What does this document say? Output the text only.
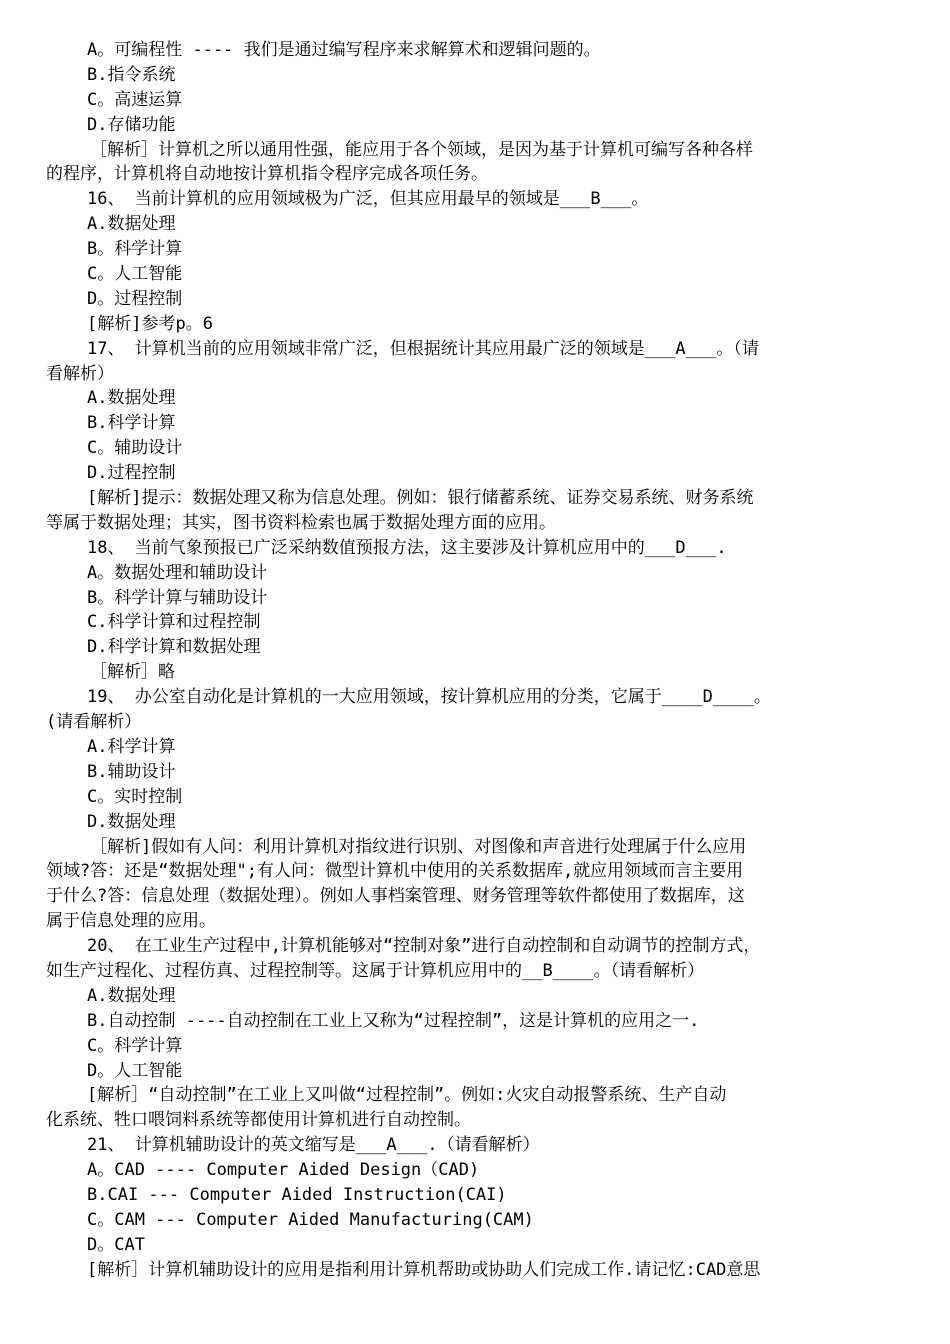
A。可编程性 ---- 我们是通过编写程序来求解算术和逻辑问题的。
B.指令系统
C。高速运算
D.存储功能
［解析］计算机之所以通用性强，能应用于各个领域，是因为基于计算机可编写各种各样
的程序，计算机将自动地按计算机指令程序完成各项任务。
16、 当前计算机的应用领域极为广泛，但其应用最早的领域是___B___。
A.数据处理
B。科学计算
C。人工智能
D。过程控制
[解析]参考p。6
17、 计算机当前的应用领域非常广泛，但根据统计其应用最广泛的领域是___A___。（请
看解析）
A.数据处理
B.科学计算
C。辅助设计
D.过程控制
[解析]提示：数据处理又称为信息处理。例如：银行储蓄系统、证券交易系统、财务系统
等属于数据处理；其实，图书资料检索也属于数据处理方面的应用。
18、 当前气象预报已广泛采纳数值预报方法，这主要涉及计算机应用中的___D___.
A。数据处理和辅助设计
B。科学计算与辅助设计
C.科学计算和过程控制
D.科学计算和数据处理
［解析］略
19、 办公室自动化是计算机的一大应用领域，按计算机应用的分类，它属于____D____。
(请看解析）
A.科学计算
B.辅助设计
C。实时控制
D.数据处理
［解析]假如有人问：利用计算机对指纹进行识别、对图像和声音进行处理属于什么应用
领域?答：还是“数据处理";有人问：微型计算机中使用的关系数据库,就应用领域而言主要用
于什么?答：信息处理（数据处理）。例如人事档案管理、财务管理等软件都使用了数据库，这
属于信息处理的应用。
20、 在工业生产过程中,计算机能够对“控制对象”进行自动控制和自动调节的控制方式，
如生产过程化、过程仿真、过程控制等。这属于计算机应用中的__B____。（请看解析）
A.数据处理
B.自动控制 ----自动控制在工业上又称为“过程控制”，这是计算机的应用之一.
C。科学计算
D。人工智能
[解析］“自动控制”在工业上又叫做“过程控制”。例如:火灾自动报警系统、生产自动
化系统、牲口喂饲料系统等都使用计算机进行自动控制。
21、 计算机辅助设计的英文缩写是___A___.（请看解析）
A。CAD ---- Computer Aided Design（CAD)
B.CAI --- Computer Aided Instruction(CAI)
C。CAM --- Computer Aided Manufacturing(CAM)
D。CAT
[解析］计算机辅助设计的应用是指利用计算机帮助或协助人们完成工作.请记忆:CAD意思
